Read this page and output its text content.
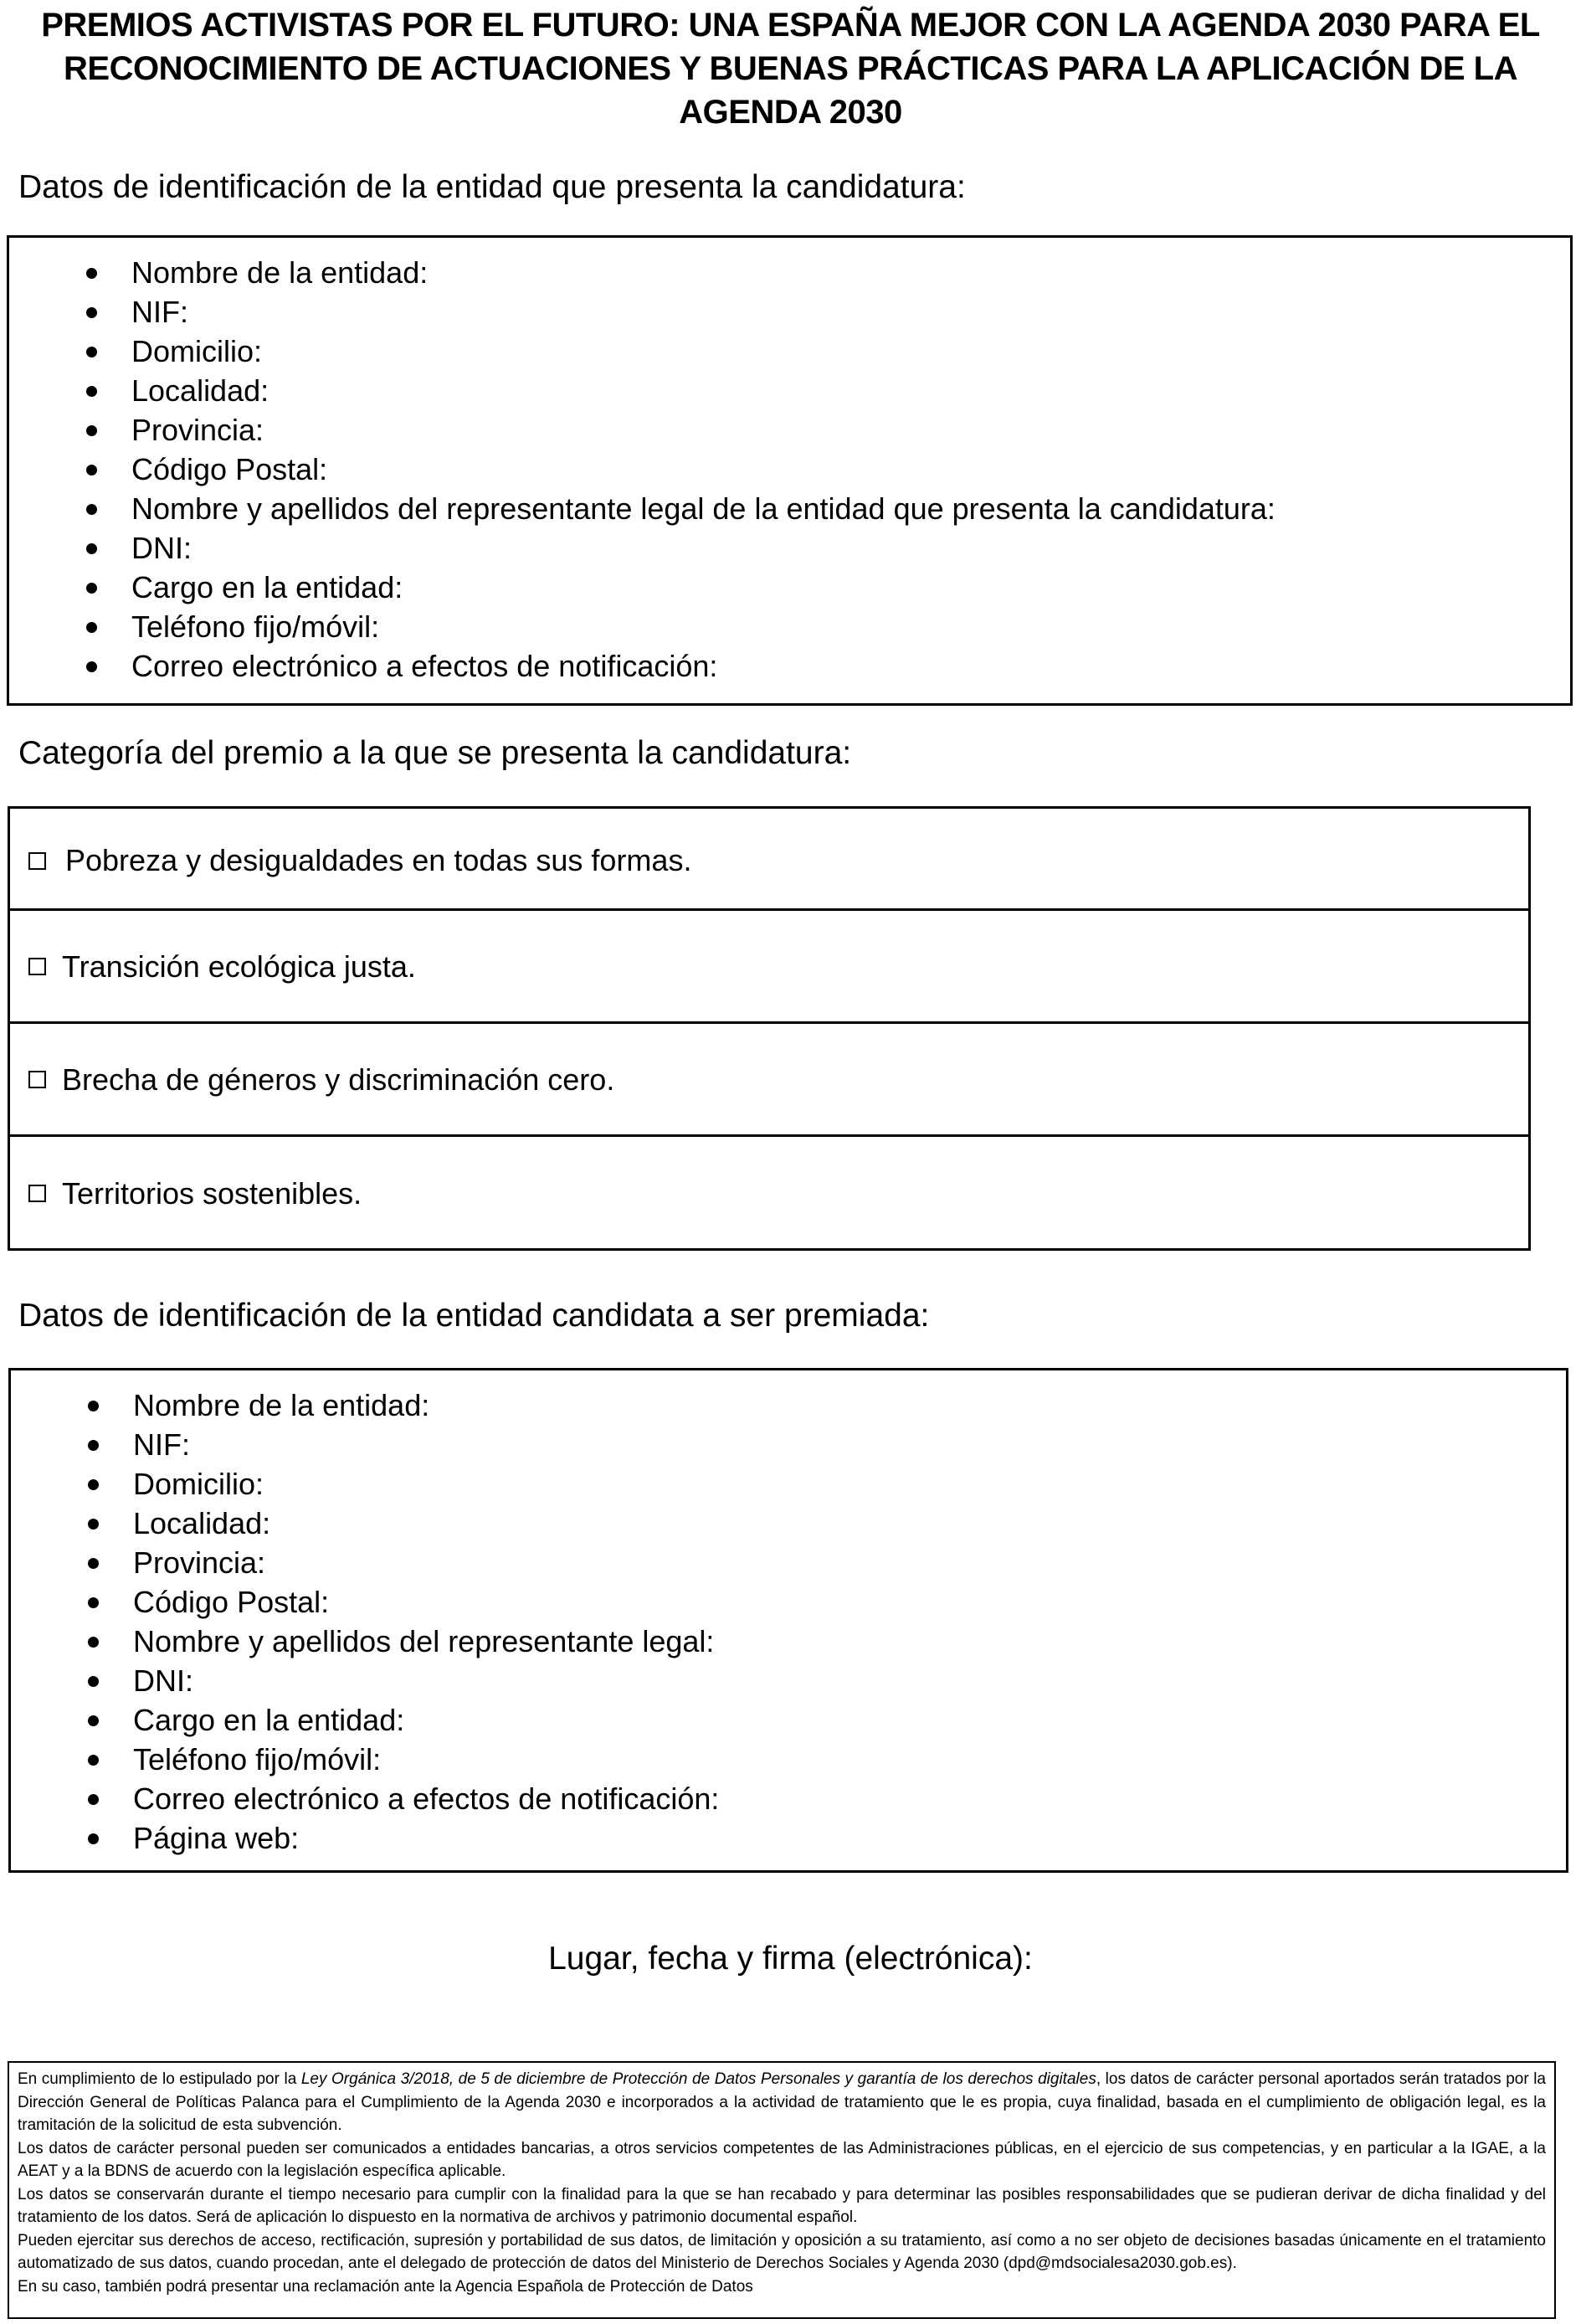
PREMIOS ACTIVISTAS POR EL FUTURO: UNA ESPAÑA MEJOR CON LA AGENDA 2030 PARA EL
RECONOCIMIENTO DE ACTUACIONES Y BUENAS PRÁCTICAS PARA LA APLICACIÓN DE LA
AGENDA 2030
Datos de identificación de la entidad que presenta la candidatura:
Nombre de la entidad:
NIF:
Domicilio:
Localidad:
Provincia:
Código Postal:
Nombre y apellidos del representante legal de la entidad que presenta la candidatura:
DNI:
Cargo en la entidad:
Teléfono fijo/móvil:
Correo electrónico a efectos de notificación:
Categoría del premio a la que se presenta la candidatura:
Pobreza y desigualdades en todas sus formas.
Transición ecológica justa.
Brecha de géneros y discriminación cero.
Territorios sostenibles.
Datos de identificación de la entidad candidata a ser premiada:
Nombre de la entidad:
NIF:
Domicilio:
Localidad:
Provincia:
Código Postal:
Nombre y apellidos del representante legal:
DNI:
Cargo en la entidad:
Teléfono fijo/móvil:
Correo electrónico a efectos de notificación:
Página web:
Lugar, fecha y firma (electrónica):

En cumplimiento de lo estipulado por la Ley Orgánica 3/2018, de 5 de diciembre de Protección de Datos Personales y garantía de los derechos digitales, los datos de carácter personal aportados serán tratados por la Dirección General de Políticas Palanca para el Cumplimiento de la Agenda 2030 e incorporados a la actividad de tratamiento que le es propia, cuya finalidad, basada en el cumplimiento de obligación legal, es la tramitación de la solicitud de esta subvención.

Los datos de carácter personal pueden ser comunicados a entidades bancarias, a otros servicios competentes de las Administraciones públicas, en el ejercicio de sus competencias, y en particular a la IGAE, a la AEAT y a la BDNS de acuerdo con la legislación específica aplicable.

Los datos se conservarán durante el tiempo necesario para cumplir con la finalidad para la que se han recabado y para determinar las posibles responsabilidades que se pudieran derivar de dicha finalidad y del tratamiento de los datos. Será de aplicación lo dispuesto en la normativa de archivos y patrimonio documental español.

Pueden ejercitar sus derechos de acceso, rectificación, supresión y portabilidad de sus datos, de limitación y oposición a su tratamiento, así como a no ser objeto de decisiones basadas únicamente en el tratamiento automatizado de sus datos, cuando procedan, ante el delegado de protección de datos del Ministerio de Derechos Sociales y Agenda 2030 (dpd@mdsocialesa2030.gob.es).

En su caso, también podrá presentar una reclamación ante la Agencia Española de Protección de Datos
